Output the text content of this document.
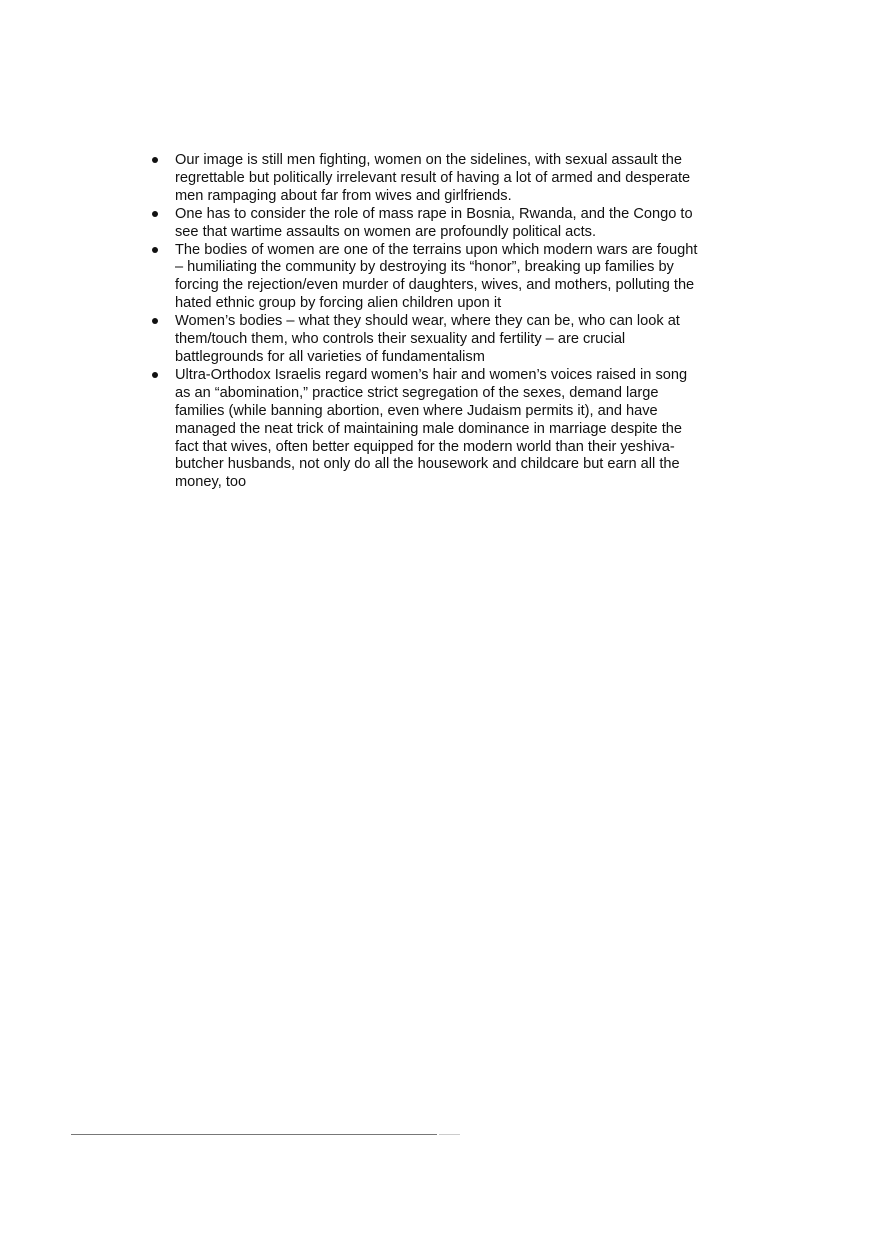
Our image is still men fighting, women on the sidelines, with sexual assault the
regrettable but politically irrelevant result of having a lot of armed and desperate
men rampaging about far from wives and girlfriends.
One has to consider the role of mass rape in Bosnia, Rwanda, and the Congo to
see that wartime assaults on women are profoundly political acts.
The bodies of women are one of the terrains upon which modern wars are fought
– humiliating the community by destroying its “honor”, breaking up families by
forcing the rejection/even murder of daughters, wives, and mothers, polluting the
hated ethnic group by forcing alien children upon it
Women’s bodies – what they should wear, where they can be, who can look at
them/touch them, who controls their sexuality and fertility – are crucial
battlegrounds for all varieties of fundamentalism
Ultra-Orthodox Israelis regard women’s hair and women’s voices raised in song
as an “abomination,” practice strict segregation of the sexes, demand large
families (while banning abortion, even where Judaism permits it), and have
managed the neat trick of maintaining male dominance in marriage despite the
fact that wives, often better equipped for the modern world than their yeshiva-
butcher husbands, not only do all the housework and childcare but earn all the
money, too
